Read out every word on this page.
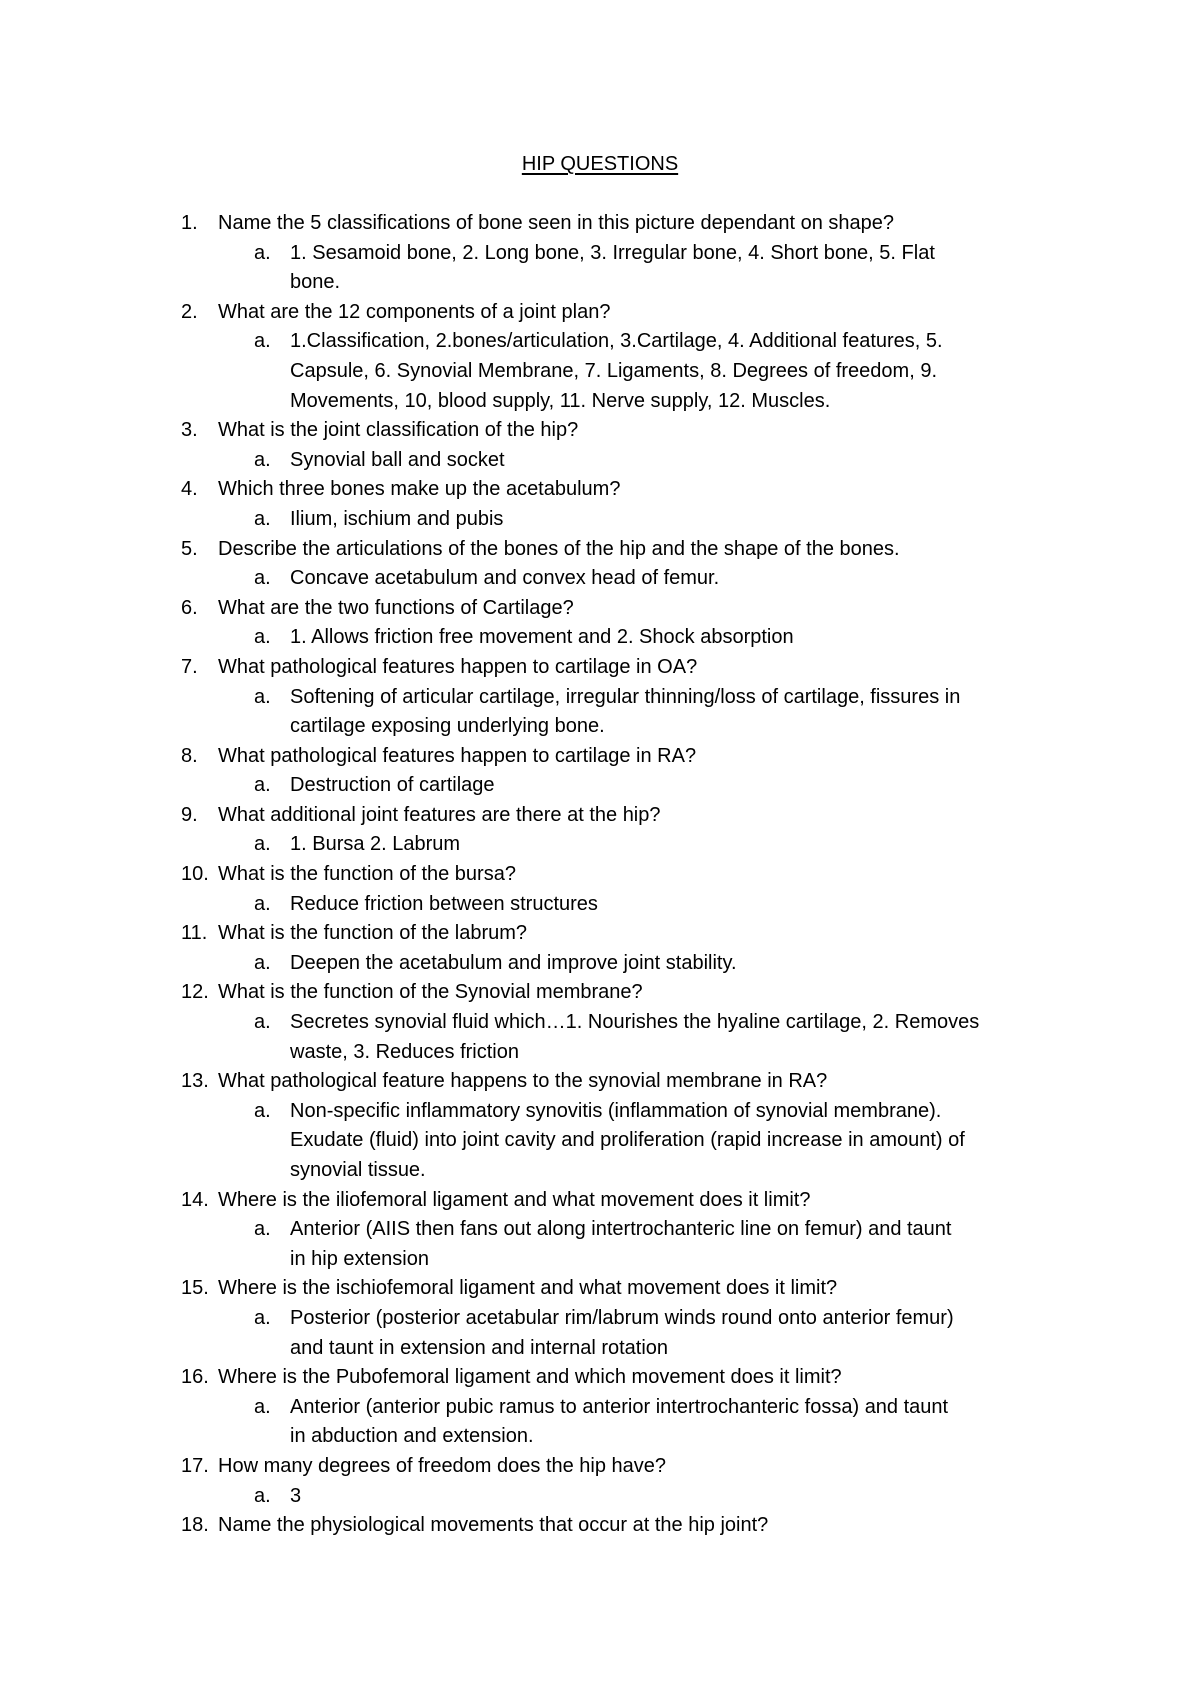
HIP QUESTIONS
1. Name the 5 classifications of bone seen in this picture dependant on shape?
a. 1. Sesamoid bone, 2. Long bone, 3. Irregular bone, 4. Short bone, 5. Flat
bone.
2. What are the 12 components of a joint plan?
a. 1.Classification, 2.bones/articulation, 3.Cartilage, 4. Additional features, 5.
Capsule, 6. Synovial Membrane, 7. Ligaments, 8. Degrees of freedom, 9.
Movements, 10, blood supply, 11. Nerve supply, 12. Muscles.
3. What is the joint classification of the hip?
a. Synovial ball and socket
4. Which three bones make up the acetabulum?
a. Ilium, ischium and pubis
5. Describe the articulations of the bones of the hip and the shape of the bones.
a. Concave acetabulum and convex head of femur.
6. What are the two functions of Cartilage?
a. 1. Allows friction free movement and 2. Shock absorption
7. What pathological features happen to cartilage in OA?
a. Softening of articular cartilage, irregular thinning/loss of cartilage, fissures in
cartilage exposing underlying bone.
8. What pathological features happen to cartilage in RA?
a. Destruction of cartilage
9. What additional joint features are there at the hip?
a. 1. Bursa 2. Labrum
10. What is the function of the bursa?
a. Reduce friction between structures
11. What is the function of the labrum?
a. Deepen the acetabulum and improve joint stability.
12. What is the function of the Synovial membrane?
a. Secretes synovial fluid which…1. Nourishes the hyaline cartilage, 2. Removes
waste, 3. Reduces friction
13. What pathological feature happens to the synovial membrane in RA?
a. Non-specific inflammatory synovitis (inflammation of synovial membrane).
Exudate (fluid) into joint cavity and proliferation (rapid increase in amount) of
synovial tissue.
14. Where is the iliofemoral ligament and what movement does it limit?
a. Anterior (AIIS then fans out along intertrochanteric line on femur) and taunt
in hip extension
15. Where is the ischiofemoral ligament and what movement does it limit?
a. Posterior (posterior acetabular rim/labrum winds round onto anterior femur)
and taunt in extension and internal rotation
16. Where is the Pubofemoral ligament and which movement does it limit?
a. Anterior (anterior pubic ramus to anterior intertrochanteric fossa) and taunt
in abduction and extension.
17. How many degrees of freedom does the hip have?
a. 3
18. Name the physiological movements that occur at the hip joint?
